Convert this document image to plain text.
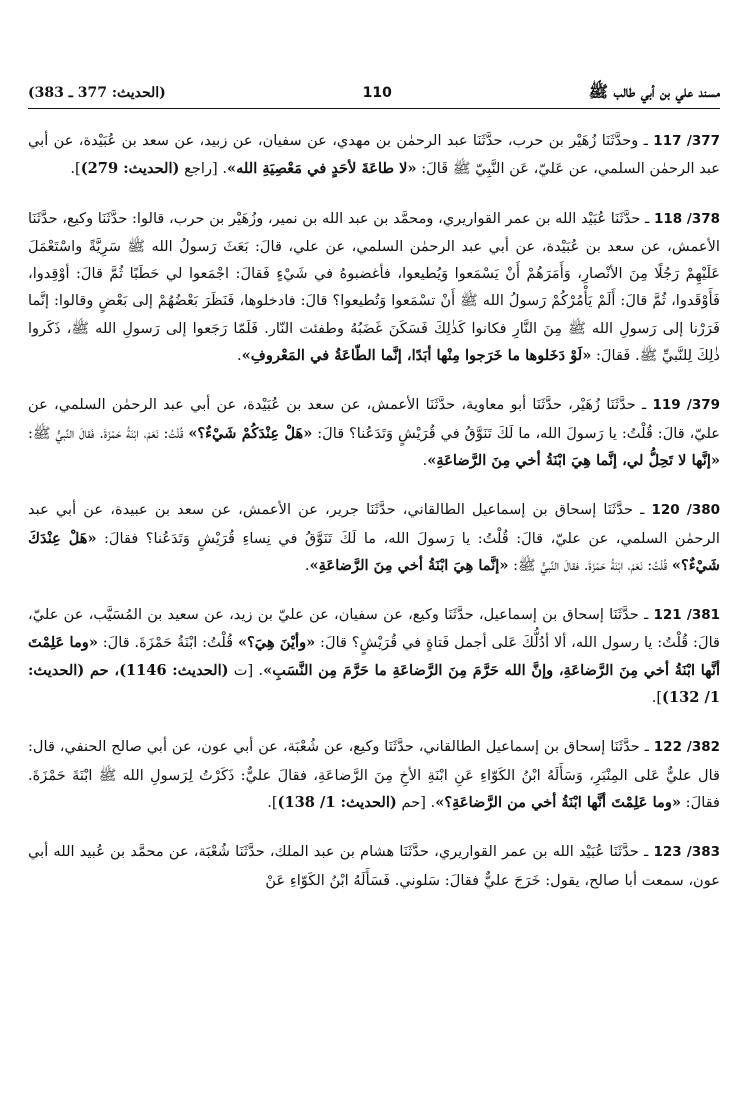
مسند علي بن أبي طالب ﷺ
110
(الحديث: 377 ـ 383)

377/ 117 ـ وحدَّثَنَا زُهَيْر بن حرب، حدَّثَنَا عبد الرحمٰن بن مهدي، عن سفيان، عن زبيد، عن سعد بن عُبَيْدة، عن أبي عبد الرحمٰن السلمي، عن عَليّ، عَن النَّبِيّ ﷺ قَالَ: «لا طاعَةَ لأحَدٍ في مَعْصِيَةِ الله». [راجع (الحديث: 279)].

378/ 118 ـ حدَّثَنَا عُبَيْد الله بن عمر القواريري، ومحمَّد بن عبد الله بن نمير، وزُهَيْر بن حرب، قالوا: حدَّثَنَا وكيع، حدَّثَنَا الأعمش، عن سعد بن عُبَيْدة، عن أبي عبد الرحمٰن السلمي، عن علي، قالَ: بَعَثَ رَسولُ الله ﷺ سَرِيَّةً واسْتَعْمَلَ عَلَيْهِمْ رَجُلًا مِنَ الأنْصارِ، وَأَمَرَهُمْ أَنْ يَسْمَعوا وَيُطيعوا، فأغضبوهُ في شَيْءٍ فَقالَ: اجْمَعوا لي حَطَبًا ثُمَّ قالَ: أوْقِدوا، فَأَوْقَدوا، ثُمَّ قالَ: أَلَمْ يَأْمُرْكُمْ رَسولُ الله ﷺ أَنْ تسْمَعوا وَتُطيعوا؟ قالَ: فادخلوها، فَنَظَرَ بَعْضُهُمْ إلى بَعْضٍ وقالوا: إنَّما فَرَرْنا إلى رَسولِ الله ﷺ مِنَ النَّارِ فكانوا كَذٰلِكَ فَسَكَنَ غَضَبُهُ وطفئت النّار. فَلَمّا رَجَعوا إلى رَسولِ الله ﷺ، ذَكَروا ذٰلِكَ لِلنَّبيِّ ﷺ. فَقالَ: «لَوْ دَخَلوها ما خَرَجوا مِنْها أبَدًا، إنَّما الطّاعَةُ في المَعْروفِ».

379/ 119 ـ حدَّثَنَا زُهَيْر، حدَّثَنَا أبو معاوية، حدَّثَنَا الأعمش، عن سعد بن عُبَيْدة، عن أبي عبد الرحمٰن السلمي، عن عليّ، قالَ: قُلْتُ: يا رَسولَ الله، ما لَكَ تَنَوَّقُ في قُرَيْشٍ وَتَدَعُنا؟ قالَ: «هَلْ عِنْدَكُمْ شَيْءٌ؟» قُلْتُ: نَعَمْ، ابْنَةُ حَمْزَةَ. فَقالَ النَّبيُّ ﷺ: «إنَّها لا تَحِلُّ لي، إنَّما هِيَ ابْنَةُ أخي مِنَ الرَّضاعَةِ».

380/ 120 ـ حدَّثَنَا إسحاق بن إسماعيل الطالقاني، حدَّثَنَا جرير، عن الأعمش، عن سعد بن عبيدة، عن أبي عبد الرحمٰن السلمي، عن عليّ، قالَ: قُلْتُ: يا رَسولَ الله، ما لَكَ تَنَوَّقُ في نِساءِ قُرَيْشٍ وَتَدَعُنا؟ فقالَ: «هَلْ عِنْدَكَ شَيْءٌ؟» قُلْتُ: نَعَمْ، ابْنَةُ حَمْزَةَ. فقالَ النَّبيُّ ﷺ: «إنَّما هِيَ ابْنَةُ أخي مِنَ الرَّضاعَةِ».

381/ 121 ـ حدَّثَنَا إسحاق بن إسماعيل، حدَّثَنَا وكيع، عن سفيان، عن عليّ بن زيد، عن سعيد بن المُسَيَّب، عن عليّ، قالَ: قُلْتُ: يا رسول الله، ألا أدُلُّكَ عَلى أجمل فَتاةٍ في قُرَيْشٍ؟ قالَ: «وأيْنَ هِيَ؟» قُلْتُ: ابْنَةُ حَمْزَةَ. قالَ: «وما عَلِمْتَ أنَّها ابْنَةُ أخي مِنَ الرَّضاعَةِ، وإنَّ الله حَرَّمَ مِنَ الرَّضاعَةِ ما حَرَّمَ مِن النَّسَبِ». [ت (الحديث: 1146)، حم (الحديث: 1/ 132)].

382/ 122 ـ حدَّثَنَا إسحاق بن إسماعيل الطالقاني، حدَّثَنَا وكيع، عن شُعْبَة، عن أبي عون، عن أبي صالح الحنفي، قال: قال عليٌّ عَلى المِنْبَرِ، وَسَأَلَهُ ابْنُ الكَوّاءِ عَنِ ابْنَةِ الأخِ مِنَ الرَّضاعَةِ، فقالَ عليٌّ: ذَكَرْتُ لِرَسولِ الله ﷺ ابْنَةَ حَمْزَةَ. فقالَ: «وما عَلِمْتَ أنَّها ابْنَةُ أخي من الرَّضاعَةِ؟». [حم (الحديث: 1/ 138)].

383/ 123 ـ حدَّثَنَا عُبَيْد الله بن عمر القواريري، حدَّثَنَا هشام بن عبد الملك، حدَّثَنَا شُعْبَة، عن محمَّد بن عُبيد الله أبي عون، سمعت أبا صالح، يقول: خَرَجَ عليٌّ فقالَ: سَلوني. فَسَأَلَهُ ابْنُ الكَوّاءِ عَنْ
